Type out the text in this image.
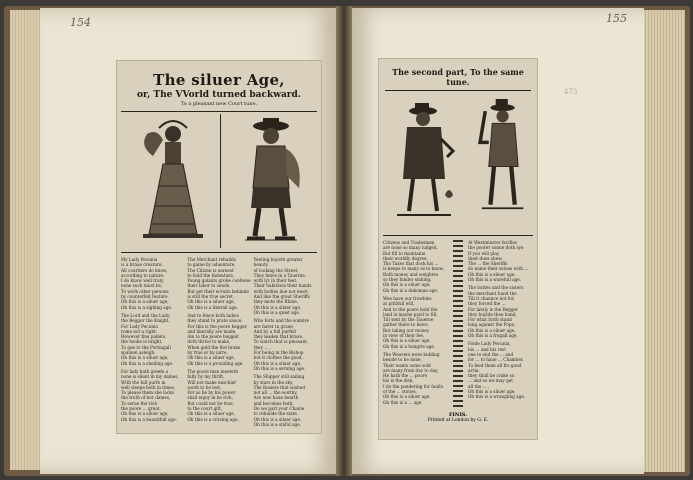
154
The siluer Age,
or, The VVorld turned backward.
To a pleasant new Court tune.
My Lady Pecunia
is a braue creature,
All courtiers do know,
according to nature;
I do know well truly,
none such must be,
To work other persons
by counterfeit feature.
Oh this is a siluer age,
Oh this is a sighing age.
The Lord and the Lady,
the Begger the Knight,
For Lady Pecunia
rome not a right:
However fine pallets,
the hooke is bright,
To goe to the Portingall
spanien asleigh.
Oh this is a siluer age,
Oh this is a sheiling age.
For lady hath greefe a
none is silent in my dames,
With the full purfe in
well sleepe both in times,
To please them she lacks
the truth of her dames,
To serue the rich
the poore ... great.
Oh this is a siluer age,
Oh this is a beautifull age.
The Merchant rebuilds
to gaine by aduenture,
The Citizen is earnest
to hold the Indenture,
Young galants grobe confesse
their labor to sende,
But get their ecrutis behinde
is still the true secret.
Oh this is a siluer age,
Oh this is a liberall age.
And to fence both ladies
they stand to prate sauce,
For this is the poore begger,
and liberally are made,
Am to the poore beggeit
doth thrive to make,
When gold the fire brake
by true or by iarre,
Oh this is a siluer age,
Oh this is a prouiding age.
The poore man meeteth
fully by my thrift,
Will not make mischief
sooth to be lost,
For as he by his power
shall enjoy in be rich,
But could not be true,
to the court gift,
Oh this is a siluer age,
Oh this is a craving age.
Yeeting buyeth greater beauty
of looking the Street,
They fence in a Tauerne,
with lyt in their feet,
Their habitions their hands
with bodies liue not meet,
And like the great Sheriffs
they mote the Rhine,
Oh this is a siluer age,
Oh this is a quiet age.
Who forts and the sombre
are fairer in graue,
And by a full purfed
they leaden that braue,
To watch that is pleasant,
they ... ,
For being in the Bishop
but it clothes the good,
Oh this is a siluer age,
Oh this is a seruing age.
The Shipper still sailing
by stars in the sky,
The Rosiers that wished
not all ... the worthy,
Are now haue bearth
and becomes both,
Do we part your Chaine
to rebuilde the state,
Oh this is a siluer age,
Oh this is a sinful age.
155
473
The second part, To the same tune.
Citizens and Tradesmen
are none so many iudged,
But fill to maintaine
their worldly degree,
Tho Taxes that dock his ...
is keepe to many as to know,
Both money and weightes
so they hinder sinking,
Oh this is a siluer age,
Oh this is a dukoman age.
Wee have our frowbles
at pittifull will,
And to the poore hold the
land is maybe payd to fill,
Till sent by the Tauerne
gather there to leave,
But taking our money
in view of their fee,
Oh this is a siluer age,
Oh this is a hungrie age.
The Weavers were bidding
beside to be done,
Their wants some sold
are many from day to day,
He hath the ... poore
his is the dish,
I do the pondering for faults
of the ... stones,
Oh this is a siluer age,
Oh this is a ... age.
At Westminster fecifies
the poorer sonne doth sye
If you will play
their dues shew,
The ... the Sheriffs
do name their selues with ...
Oh this is a siluer age,
Oh this is a warefull age.
The buttes and the sisters
the merchant hand the
Till it chaunce not for,
they forced the ...
For lately is the Begger
they buylde thee hand,
For what forth stand
long against the Pope,
Oh this is a siluer age,
Oh this is a frugall age.
Fonle Lady Pecunia,
his ... and his rest
one to end the ... and
for ... to haue ... Chamber,
To feed them all fro good arrie,
they shall be crake so
... and so we may get
all the ... ,
Oh this is a siluer age,
Oh this is a wrangling age.
FINIS.
Printed at London by G. E.
